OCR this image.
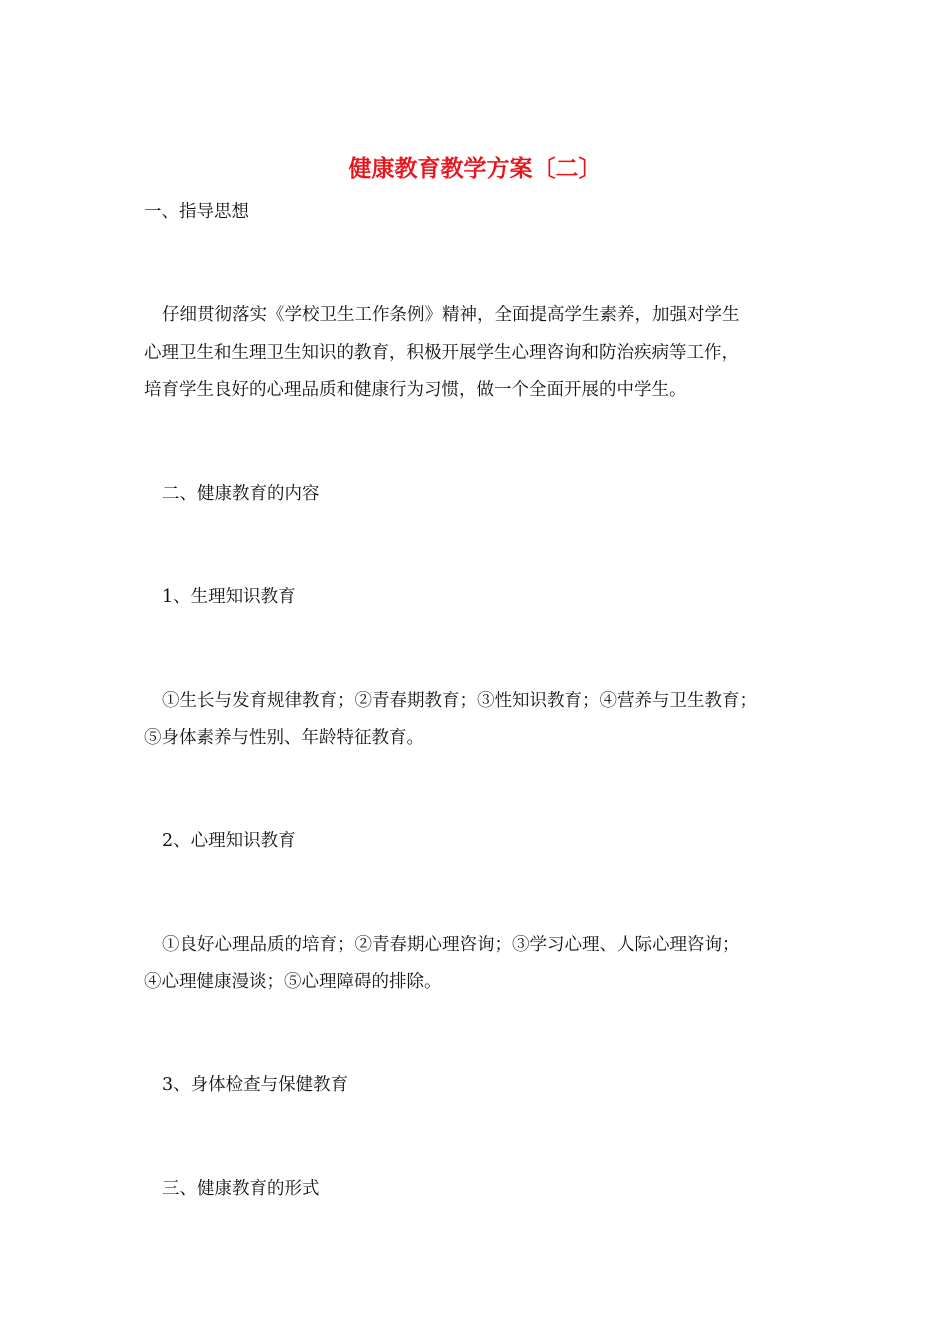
健康教育教学方案〔二〕
一、指导思想
仔细贯彻落实《学校卫生工作条例》精神，全面提高学生素养，加强对学生
心理卫生和生理卫生知识的教育，积极开展学生心理咨询和防治疾病等工作，
培育学生良好的心理品质和健康行为习惯，做一个全面开展的中学生。
二、健康教育的内容
1、生理知识教育
①生长与发育规律教育；②青春期教育；③性知识教育；④营养与卫生教育；
⑤身体素养与性别、年龄特征教育。
2、心理知识教育
①良好心理品质的培育；②青春期心理咨询；③学习心理、人际心理咨询；
④心理健康漫谈；⑤心理障碍的排除。
3、身体检查与保健教育
三、健康教育的形式
